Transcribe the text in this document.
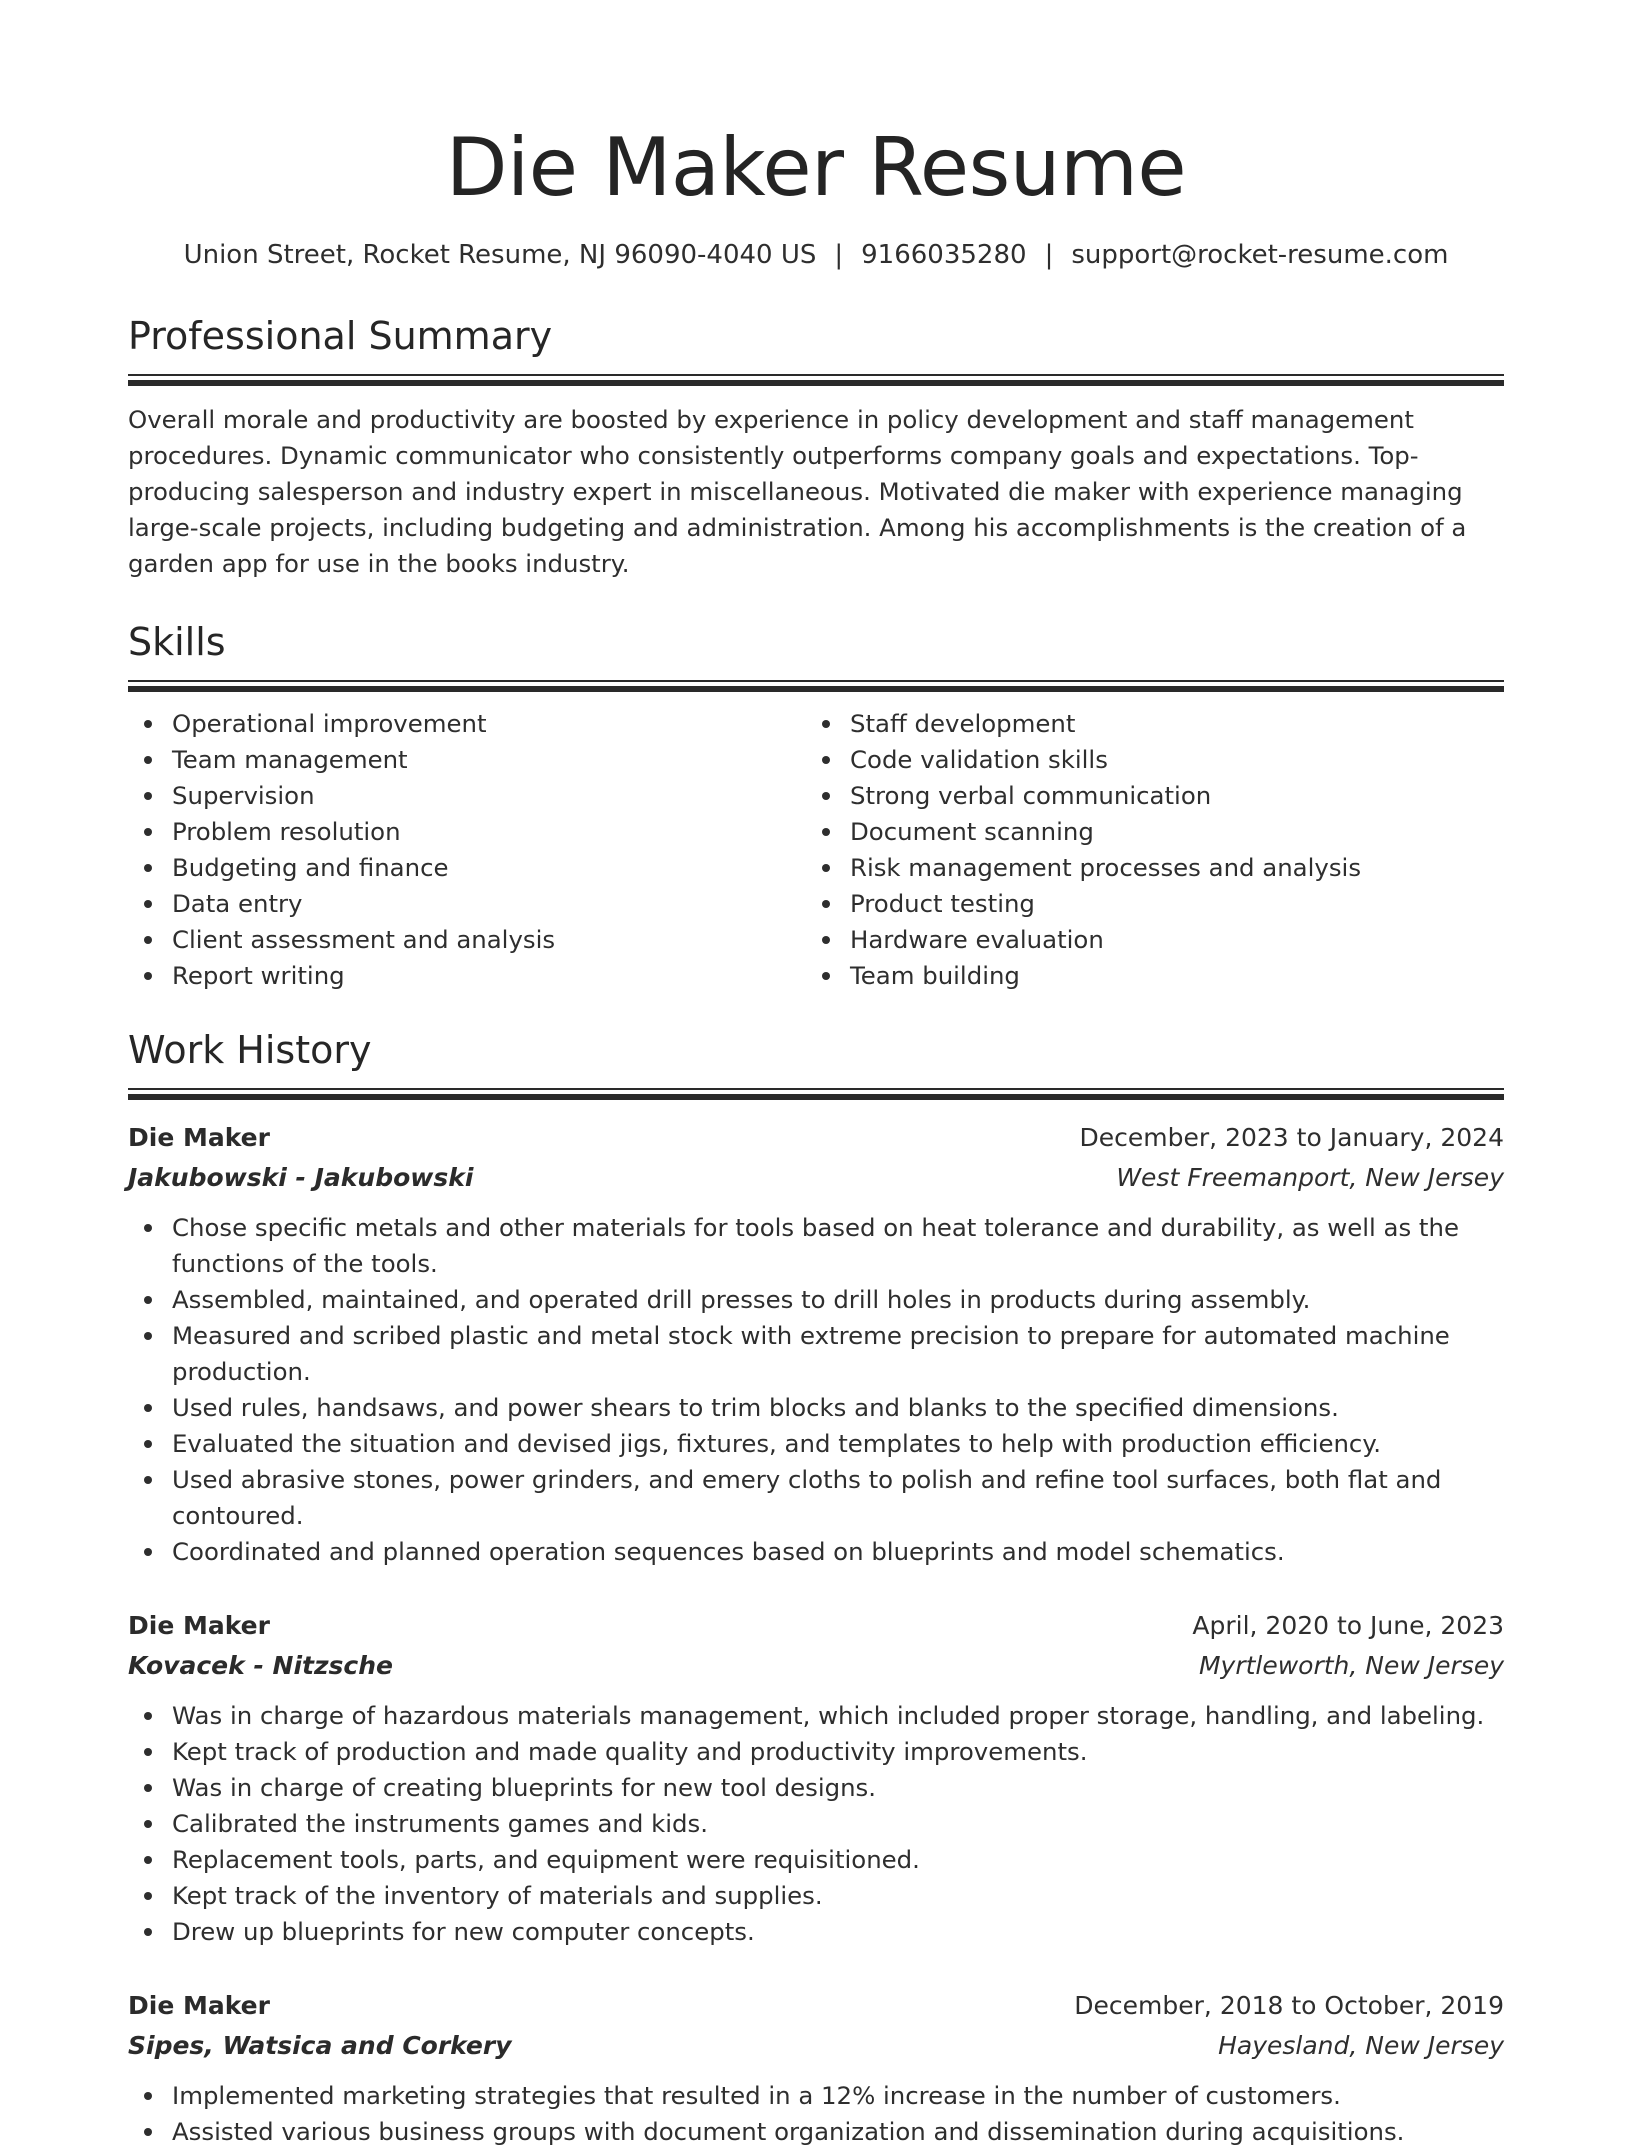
Die Maker Resume
Union Street, Rocket Resume, NJ 96090-4040 US | 9166035280 | support@rocket-resume.com
Professional Summary

Overall morale and productivity are boosted by experience in policy development and staff management procedures. Dynamic communicator who consistently outperforms company goals and expectations. Top-producing salesperson and industry expert in miscellaneous. Motivated die maker with experience managing large-scale projects, including budgeting and administration. Among his accomplishments is the creation of a garden app for use in the books industry.

Skills
Operational improvement
Team management
Supervision
Problem resolution
Budgeting and finance
Data entry
Client assessment and analysis
Report writing
Staff development
Code validation skills
Strong verbal communication
Document scanning
Risk management processes and analysis
Product testing
Hardware evaluation
Team building
Work History
Die Maker	December, 2023 to January, 2024
Jakubowski - Jakubowski	West Freemanport, New Jersey
Chose specific metals and other materials for tools based on heat tolerance and durability, as well as the functions of the tools.
Assembled, maintained, and operated drill presses to drill holes in products during assembly.
Measured and scribed plastic and metal stock with extreme precision to prepare for automated machine production.
Used rules, handsaws, and power shears to trim blocks and blanks to the specified dimensions.
Evaluated the situation and devised jigs, fixtures, and templates to help with production efficiency.
Used abrasive stones, power grinders, and emery cloths to polish and refine tool surfaces, both flat and contoured.
Coordinated and planned operation sequences based on blueprints and model schematics.
Die Maker	April, 2020 to June, 2023
Kovacek - Nitzsche	Myrtleworth, New Jersey
Was in charge of hazardous materials management, which included proper storage, handling, and labeling.
Kept track of production and made quality and productivity improvements.
Was in charge of creating blueprints for new tool designs.
Calibrated the instruments games and kids.
Replacement tools, parts, and equipment were requisitioned.
Kept track of the inventory of materials and supplies.
Drew up blueprints for new computer concepts.
Die Maker	December, 2018 to October, 2019
Sipes, Watsica and Corkery	Hayesland, New Jersey
Implemented marketing strategies that resulted in a 12% increase in the number of customers.
Assisted various business groups with document organization and dissemination during acquisitions.
